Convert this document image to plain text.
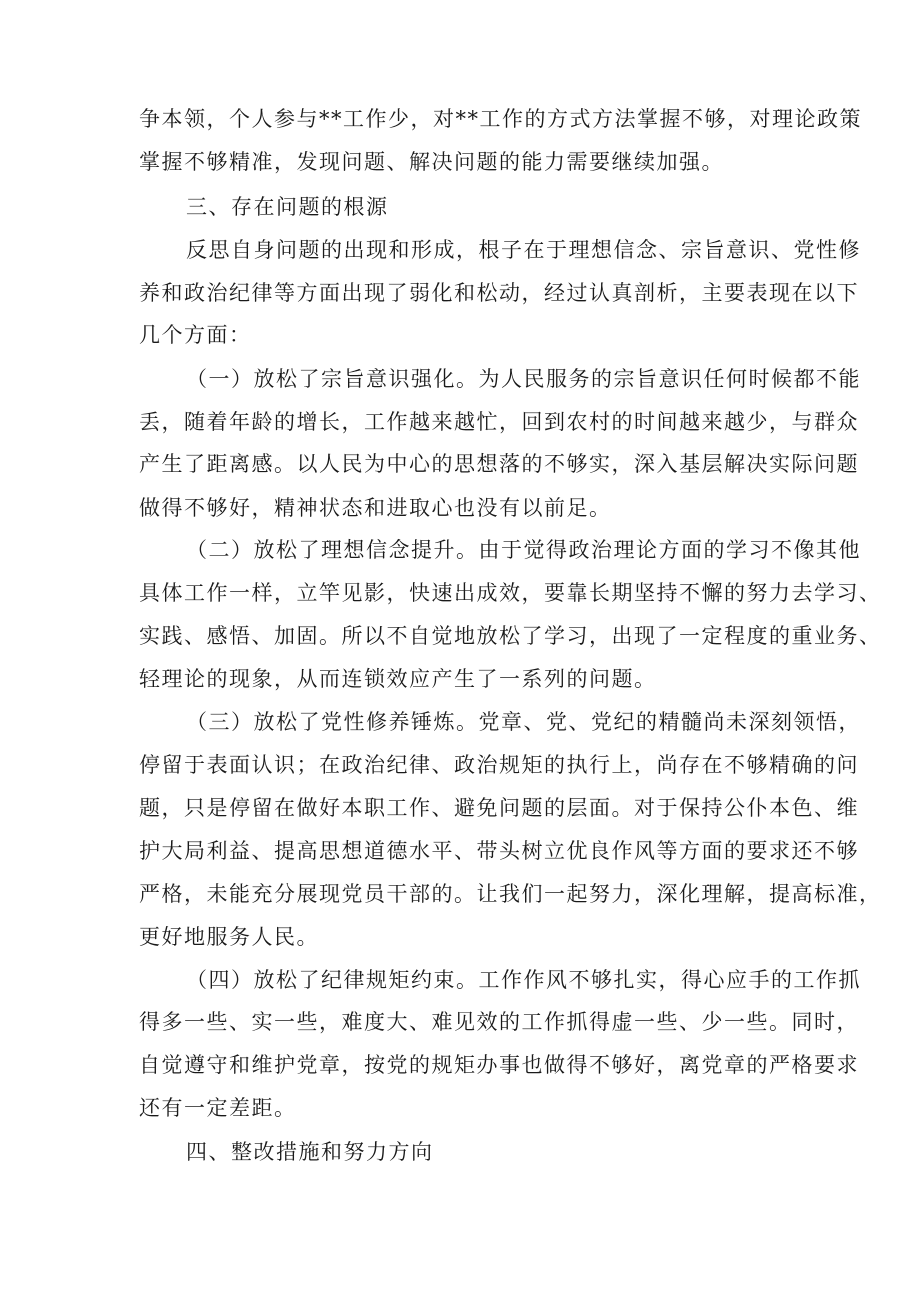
争本领，个人参与**工作少，对**工作的方式方法掌握不够，对理论政策
掌握不够精准，发现问题、解决问题的能力需要继续加强。
三、存在问题的根源
反思自身问题的出现和形成，根子在于理想信念、宗旨意识、党性修
养和政治纪律等方面出现了弱化和松动，经过认真剖析，主要表现在以下
几个方面：
（一）放松了宗旨意识强化。为人民服务的宗旨意识任何时候都不能
丢，随着年龄的增长，工作越来越忙，回到农村的时间越来越少，与群众
产生了距离感。以人民为中心的思想落的不够实，深入基层解决实际问题
做得不够好，精神状态和进取心也没有以前足。
（二）放松了理想信念提升。由于觉得政治理论方面的学习不像其他
具体工作一样，立竿见影，快速出成效，要靠长期坚持不懈的努力去学习、
实践、感悟、加固。所以不自觉地放松了学习，出现了一定程度的重业务、
轻理论的现象，从而连锁效应产生了一系列的问题。
（三）放松了党性修养锤炼。党章、党、党纪的精髓尚未深刻领悟，
停留于表面认识；在政治纪律、政治规矩的执行上，尚存在不够精确的问
题，只是停留在做好本职工作、避免问题的层面。对于保持公仆本色、维
护大局利益、提高思想道德水平、带头树立优良作风等方面的要求还不够
严格，未能充分展现党员干部的。让我们一起努力，深化理解，提高标准，
更好地服务人民。
（四）放松了纪律规矩约束。工作作风不够扎实，得心应手的工作抓
得多一些、实一些，难度大、难见效的工作抓得虚一些、少一些。同时，
自觉遵守和维护党章，按党的规矩办事也做得不够好，离党章的严格要求
还有一定差距。
四、整改措施和努力方向
